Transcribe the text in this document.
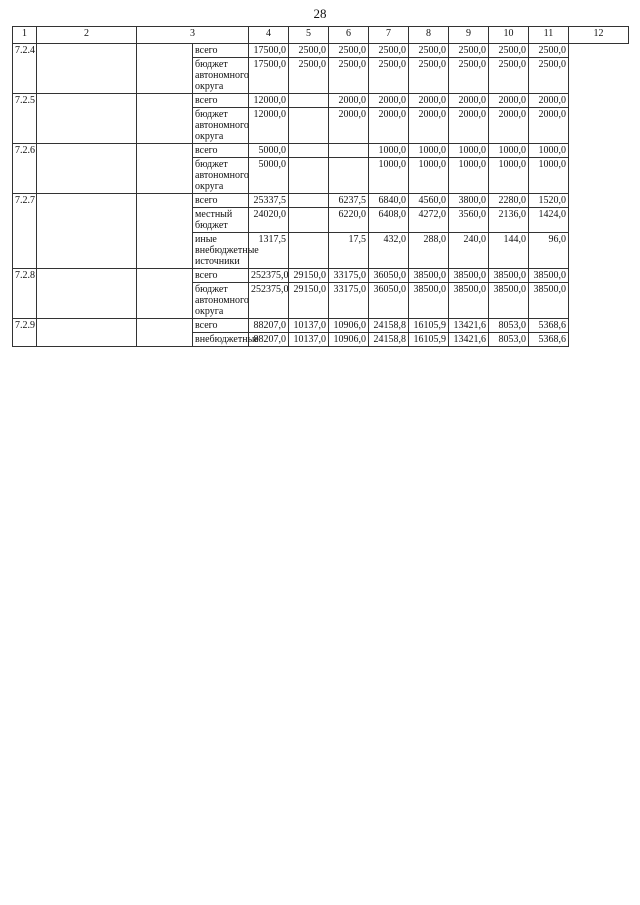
28
1	2	3		4	5	6	7	8	9	10	11	12
7.2.4			всего	17500,0	2500,0	2500,0	2500,0	2500,0	2500,0	2500,0	2500,0	
			бюджет автономного округа	17500,0	2500,0	2500,0	2500,0	2500,0	2500,0	2500,0	2500,0	
7.2.5			всего	12000,0		2000,0	2000,0	2000,0	2000,0	2000,0	2000,0	
			бюджет автономного округа	12000,0		2000,0	2000,0	2000,0	2000,0	2000,0	2000,0	
7.2.6			всего	5000,0			1000,0	1000,0	1000,0	1000,0	1000,0	
			бюджет автономного округа	5000,0			1000,0	1000,0	1000,0	1000,0	1000,0	
7.2.7			всего	25337,5		6237,5	6840,0	4560,0	3800,0	2280,0	1520,0	
			местный бюджет	24020,0		6220,0	6408,0	4272,0	3560,0	2136,0	1424,0	
			иные внебюджетные источники	1317,5		17,5	432,0	288,0	240,0	144,0	96,0	
7.2.8			всего	252375,0	29150,0	33175,0	36050,0	38500,0	38500,0	38500,0	38500,0	
			бюджет автономного округа	252375,0	29150,0	33175,0	36050,0	38500,0	38500,0	38500,0	38500,0	
7.2.9			всего	88207,0	10137,0	10906,0	24158,8	16105,9	13421,6	8053,0	5368,6	
			внебюджетные	88207,0	10137,0	10906,0	24158,8	16105,9	13421,6	8053,0	5368,6	
